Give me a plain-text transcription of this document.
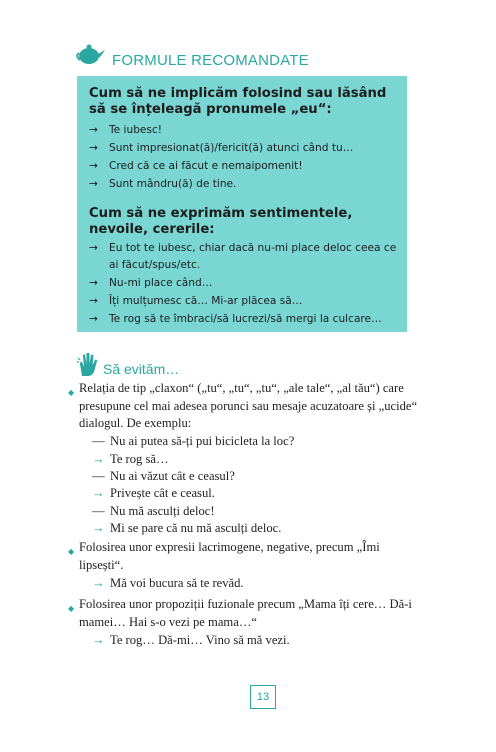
FORMULE RECOMANDATE
Cum să ne implicăm folosind sau lăsând să se înțeleagă pronumele „eu“:
→	Te iubesc!
→	Sunt impresionat(ă)/fericit(ă) atunci când tu…
→	Cred că ce ai făcut e nemaipomenit!
→	Sunt mândru(ă) de tine.
Cum să ne exprimăm sentimentele, nevoile, cererile:
→	Eu tot te iubesc, chiar dacă nu-mi place deloc ceea ce
ai făcut/spus/etc.
→	Nu-mi place când…
→	Îți mulțumesc că… Mi-ar plăcea să…
→	Te rog să te îmbraci/să lucrezi/să mergi la culcare…
Să evităm…
◆ Relația de tip „claxon“ („tu“, „tu“, „tu“, „ale tale“, „al tău“) care presupune cel mai adesea porunci sau mesaje acuzatoare și „ucide“ dialogul. De exemplu:
— Nu ai putea să-ți pui bicicleta la loc?
→ Te rog să…
— Nu ai văzut cât e ceasul?
→ Privește cât e ceasul.
— Nu mă asculți deloc!
→ Mi se pare că nu mă asculți deloc.
◆ Folosirea unor expresii lacrimogene, negative, precum „Îmi lipsești“.
→ Mă voi bucura să te revăd.
◆ Folosirea unor propoziții fuzionale precum „Mama îți cere… Dă-i mamei… Hai s-o vezi pe mama…“
→ Te rog… Dă-mi… Vino să mă vezi.
13
